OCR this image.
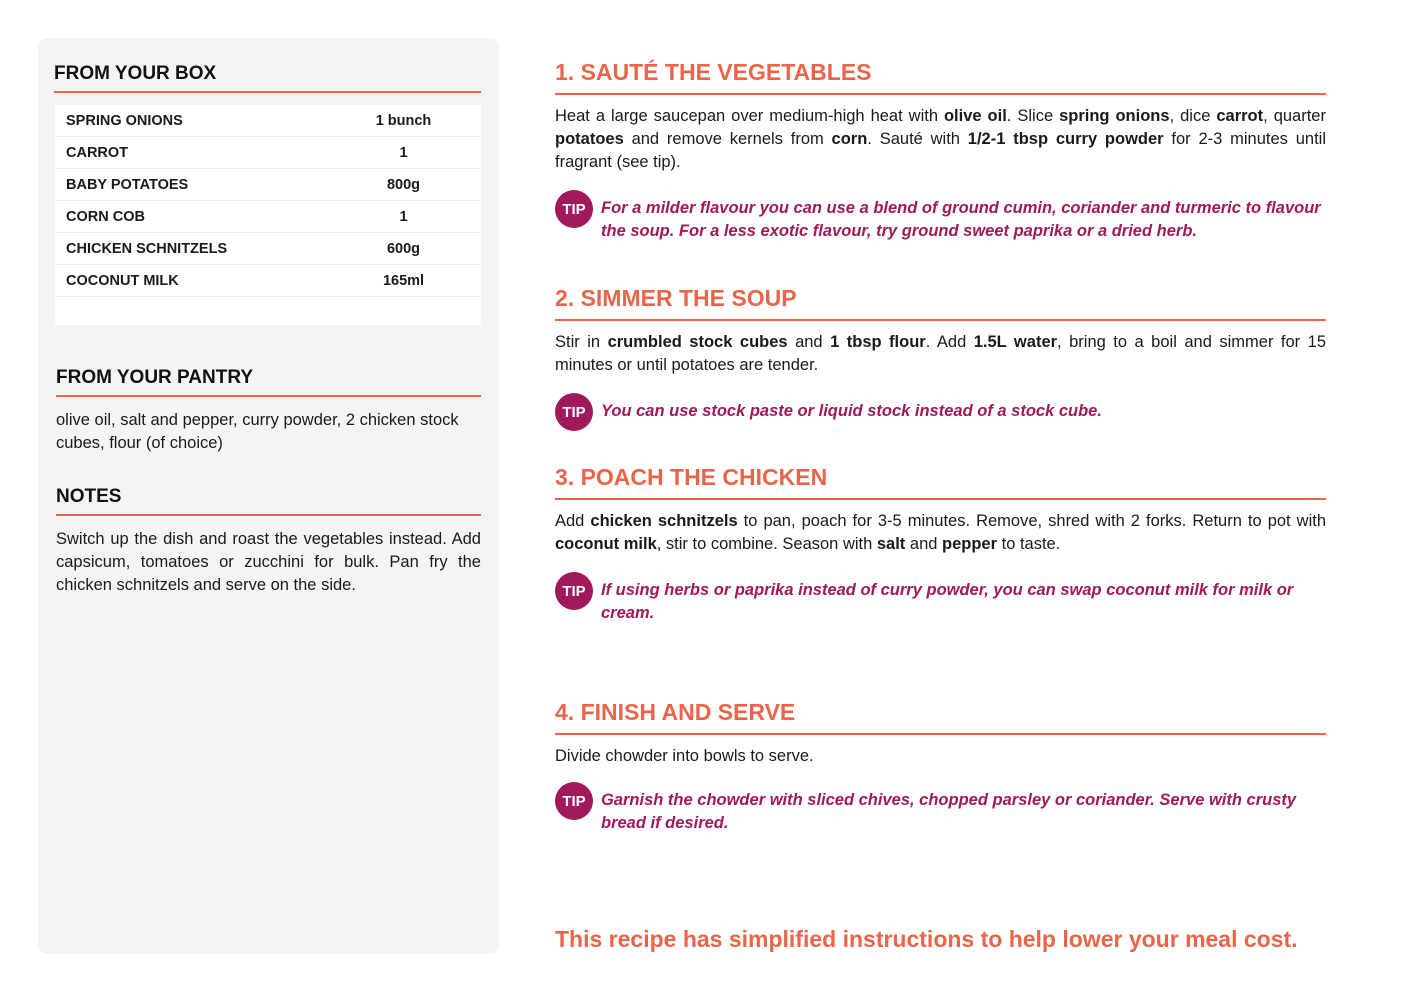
FROM YOUR BOX
SPRING ONIONS	1 bunch
CARROT	1
BABY POTATOES	800g
CORN COB	1
CHICKEN SCHNITZELS	600g
COCONUT MILK	165ml
FROM YOUR PANTRY

olive oil, salt and pepper, curry powder, 2 chicken stock cubes, flour (of choice)

NOTES

Switch up the dish and roast the vegetables instead. Add capsicum, tomatoes or zucchini for bulk. Pan fry the chicken schnitzels and serve on the side.

1. SAUTÉ THE VEGETABLES

Heat a large saucepan over medium-high heat with olive oil. Slice spring onions, dice carrot, quarter potatoes and remove kernels from corn. Sauté with 1/2-1 tbsp curry powder for 2-3 minutes until fragrant (see tip).

TIP For a milder flavour you can use a blend of ground cumin, coriander and turmeric to flavour the soup. For a less exotic flavour, try ground sweet paprika or a dried herb.

2. SIMMER THE SOUP

Stir in crumbled stock cubes and 1 tbsp flour. Add 1.5L water, bring to a boil and simmer for 15 minutes or until potatoes are tender.

TIP You can use stock paste or liquid stock instead of a stock cube.

3. POACH THE CHICKEN

Add chicken schnitzels to pan, poach for 3-5 minutes. Remove, shred with 2 forks. Return to pot with coconut milk, stir to combine. Season with salt and pepper to taste.

TIP If using herbs or paprika instead of curry powder, you can swap coconut milk for milk or cream.

4. FINISH AND SERVE

Divide chowder into bowls to serve.

TIP Garnish the chowder with sliced chives, chopped parsley or coriander. Serve with crusty bread if desired.

This recipe has simplified instructions to help lower your meal cost.
